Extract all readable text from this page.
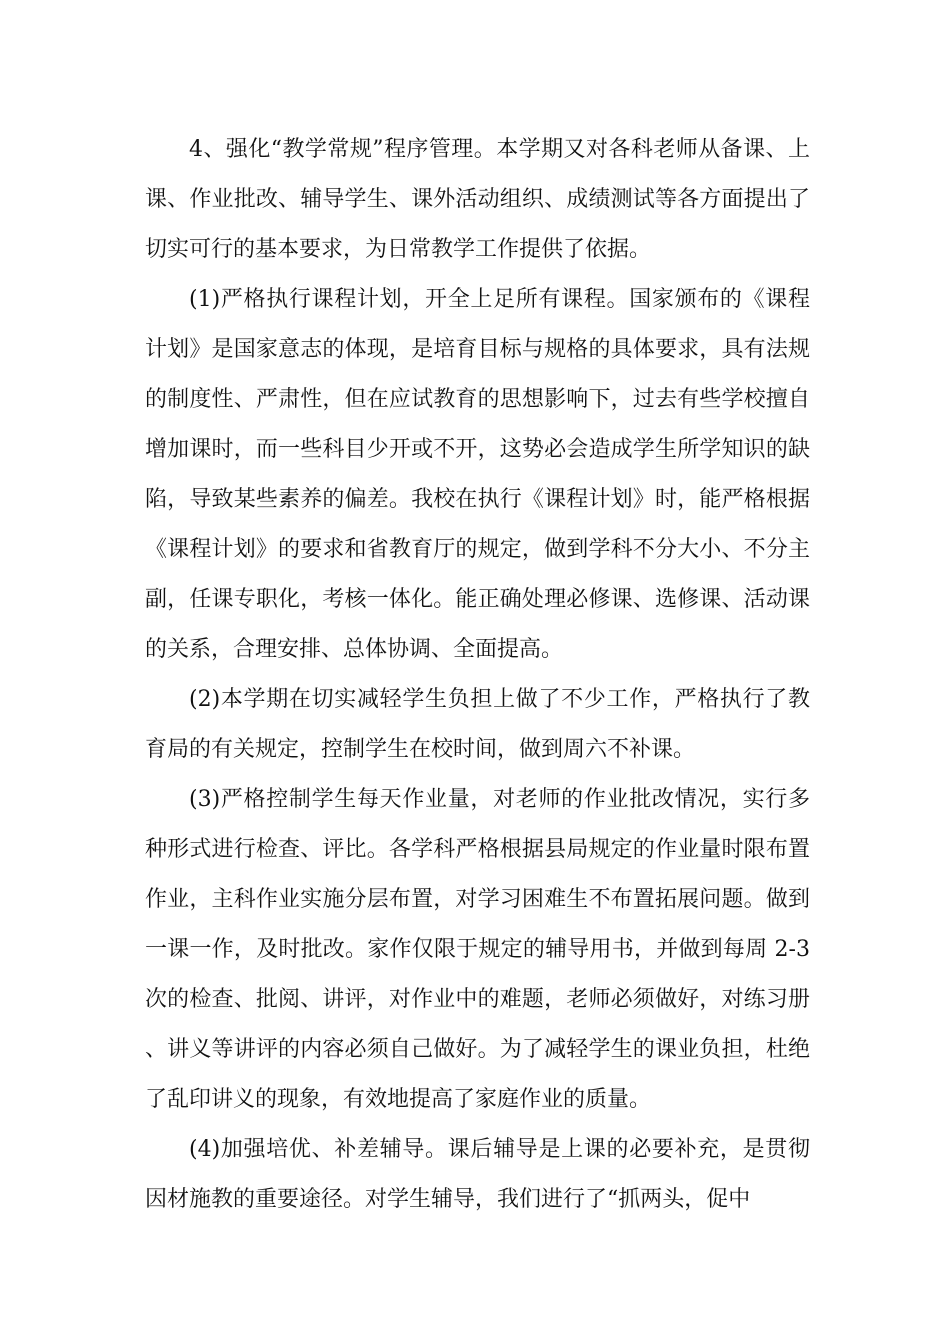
4、强化“教学常规”程序管理。本学期又对各科老师从备课、上课、作业批改、辅导学生、课外活动组织、成绩测试等各方面提出了切实可行的基本要求，为日常教学工作提供了依据。

(1)严格执行课程计划，开全上足所有课程。国家颁布的《课程计划》是国家意志的体现，是培育目标与规格的具体要求，具有法规的制度性、严肃性，但在应试教育的思想影响下，过去有些学校擅自增加课时，而一些科目少开或不开，这势必会造成学生所学知识的缺陷，导致某些素养的偏差。我校在执行《课程计划》时，能严格根据《课程计划》的要求和省教育厅的规定，做到学科不分大小、不分主副，任课专职化，考核一体化。能正确处理必修课、选修课、活动课的关系，合理安排、总体协调、全面提高。

(2)本学期在切实减轻学生负担上做了不少工作，严格执行了教育局的有关规定，控制学生在校时间，做到周六不补课。

(3)严格控制学生每天作业量，对老师的作业批改情况，实行多种形式进行检查、评比。各学科严格根据县局规定的作业量时限布置作业，主科作业实施分层布置，对学习困难生不布置拓展问题。做到一课一作，及时批改。家作仅限于规定的辅导用书，并做到每周 2-3 次的检查、批阅、讲评，对作业中的难题，老师必须做好，对练习册、讲义等讲评的内容必须自己做好。为了减轻学生的课业负担，杜绝了乱印讲义的现象，有效地提高了家庭作业的质量。

(4)加强培优、补差辅导。课后辅导是上课的必要补充，是贯彻因材施教的重要途径。对学生辅导，我们进行了“抓两头，促中
